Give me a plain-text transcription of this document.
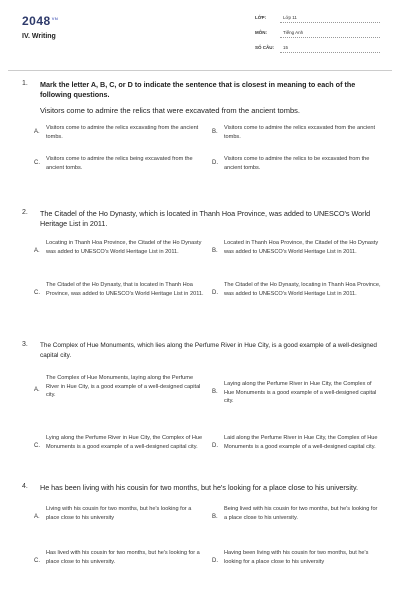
$2048^{VN}$
IV. Writing
LỚP:	Lớp 11
MÔN:	Tiếng Anh
SỐ CÂU: 15
1. Mark the letter A, B, C, or D to indicate the sentence that is closest in meaning to each of the following questions.
Visitors come to admire the relics that were excavated from the ancient tombs.
A.
Visitors come to admire the relics excavating from the ancient tombs.
B.
Visitors come to admire the relics excavated from the ancient tombs.
C.
Visitors come to admire the relics being excavated from the ancient tombs.
D.
Visitors come to admire the relics to be excavated from the ancient tombs.
2. The Citadel of the Ho Dynasty, which is located in Thanh Hoa Province, was added to UNESCO's World Heritage List in 2011.
A.
Locating in Thanh Hoa Province, the Citadel of the Ho Dynasty was added to UNESCO's World Heritage List in 2011.	B.
Located in Thanh Hoa Province, the Citadel of the Ho Dynasty was added to UNESCO's World Heritage List in 2011.
C.
The Citadel of the Ho Dynasty, that is located in Thanh Hoa Province, was added to UNESCO's World Heritage List in 2011. D.
The Citadel of the Ho Dynasty, locating in Thanh Hoa Province, was added to UNESCO's World Heritage List in 2011.
3. The Complex of Hue Monuments, which lies along the Perfume River in Hue City, is a good example of a well-designed capital city.
A.
The Complex of Hue Monuments, laying along the Perfume River in Hue City, is a good example of a well-designed capital city.	B.
Laying along the Perfume River in Hue City, the Complex of Hue Monuments is a good example of a well-designed capital city.
C.
Lying along the Perfume River in Hue City, the Complex of Hue Monuments is a good example of a well-designed capital city.	D.
Laid along the Perfume River in Hue City, the Complex of Hue Monuments is a good example of a well-designed capital city.
4. He has been living with his cousin for two months, but he's looking for a place close to his university.
A.
Living with his cousin for two months, but he's looking for a place close to his university	B.
Being lived with his cousin for two months, but he's looking for a place close to his university.
C.
Has lived with his cousin for two months, but he's looking for a place close to his university.	D.
Having been living with his cousin for two months, but he's looking for a place close to his university
